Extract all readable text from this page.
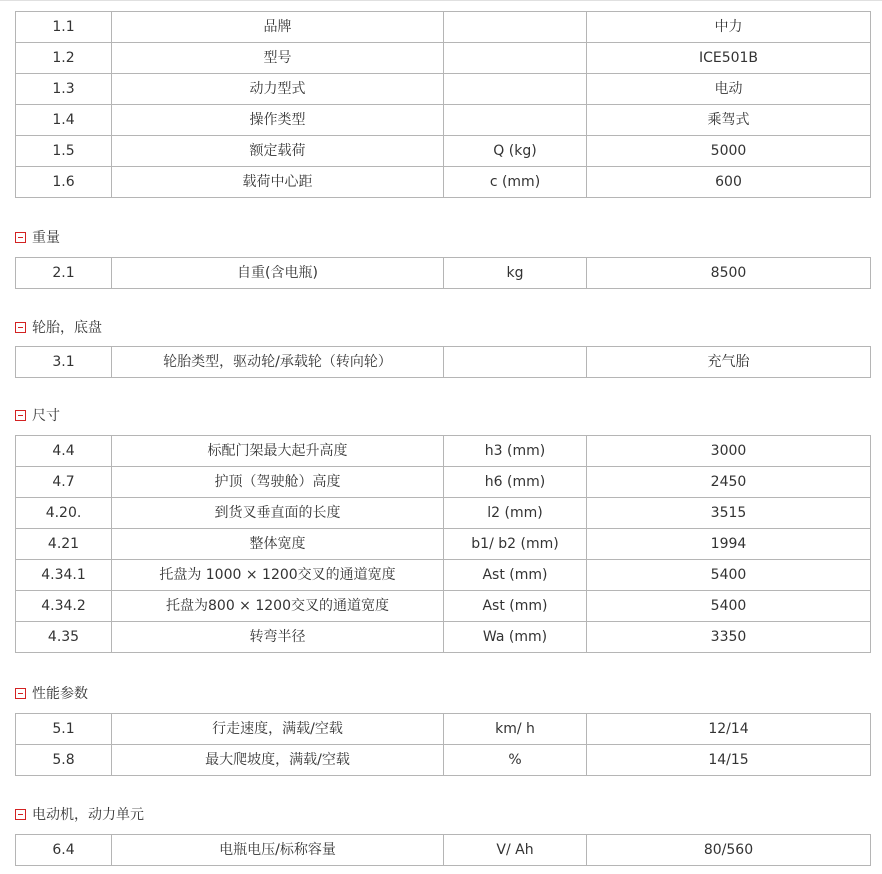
1.1	品牌		中力
1.2	型号		ICE501B
1.3	动力型式		电动
1.4	操作类型		乘驾式
1.5	额定载荷	Q (kg)	5000
1.6	载荷中心距	c (mm)	600
重量
2.1	自重(含电瓶)	kg	8500
轮胎，底盘
3.1	轮胎类型，驱动轮/承载轮（转向轮）		充气胎
尺寸
4.4	标配门架最大起升高度	h3 (mm)	3000
4.7	护顶（驾驶舱）高度	h6 (mm)	2450
4.20.	到货叉垂直面的长度	l2 (mm)	3515
4.21	整体宽度	b1/ b2 (mm)	1994
4.34.1	托盘为 1000 × 1200交叉的通道宽度	Ast (mm)	5400
4.34.2	托盘为800 × 1200交叉的通道宽度	Ast (mm)	5400
4.35	转弯半径	Wa (mm)	3350
性能参数
5.1	行走速度，满载/空载	km/ h	12/14
5.8	最大爬坡度，满载/空载	%	14/15
电动机，动力单元
6.4	电瓶电压/标称容量	V/ Ah	80/560
